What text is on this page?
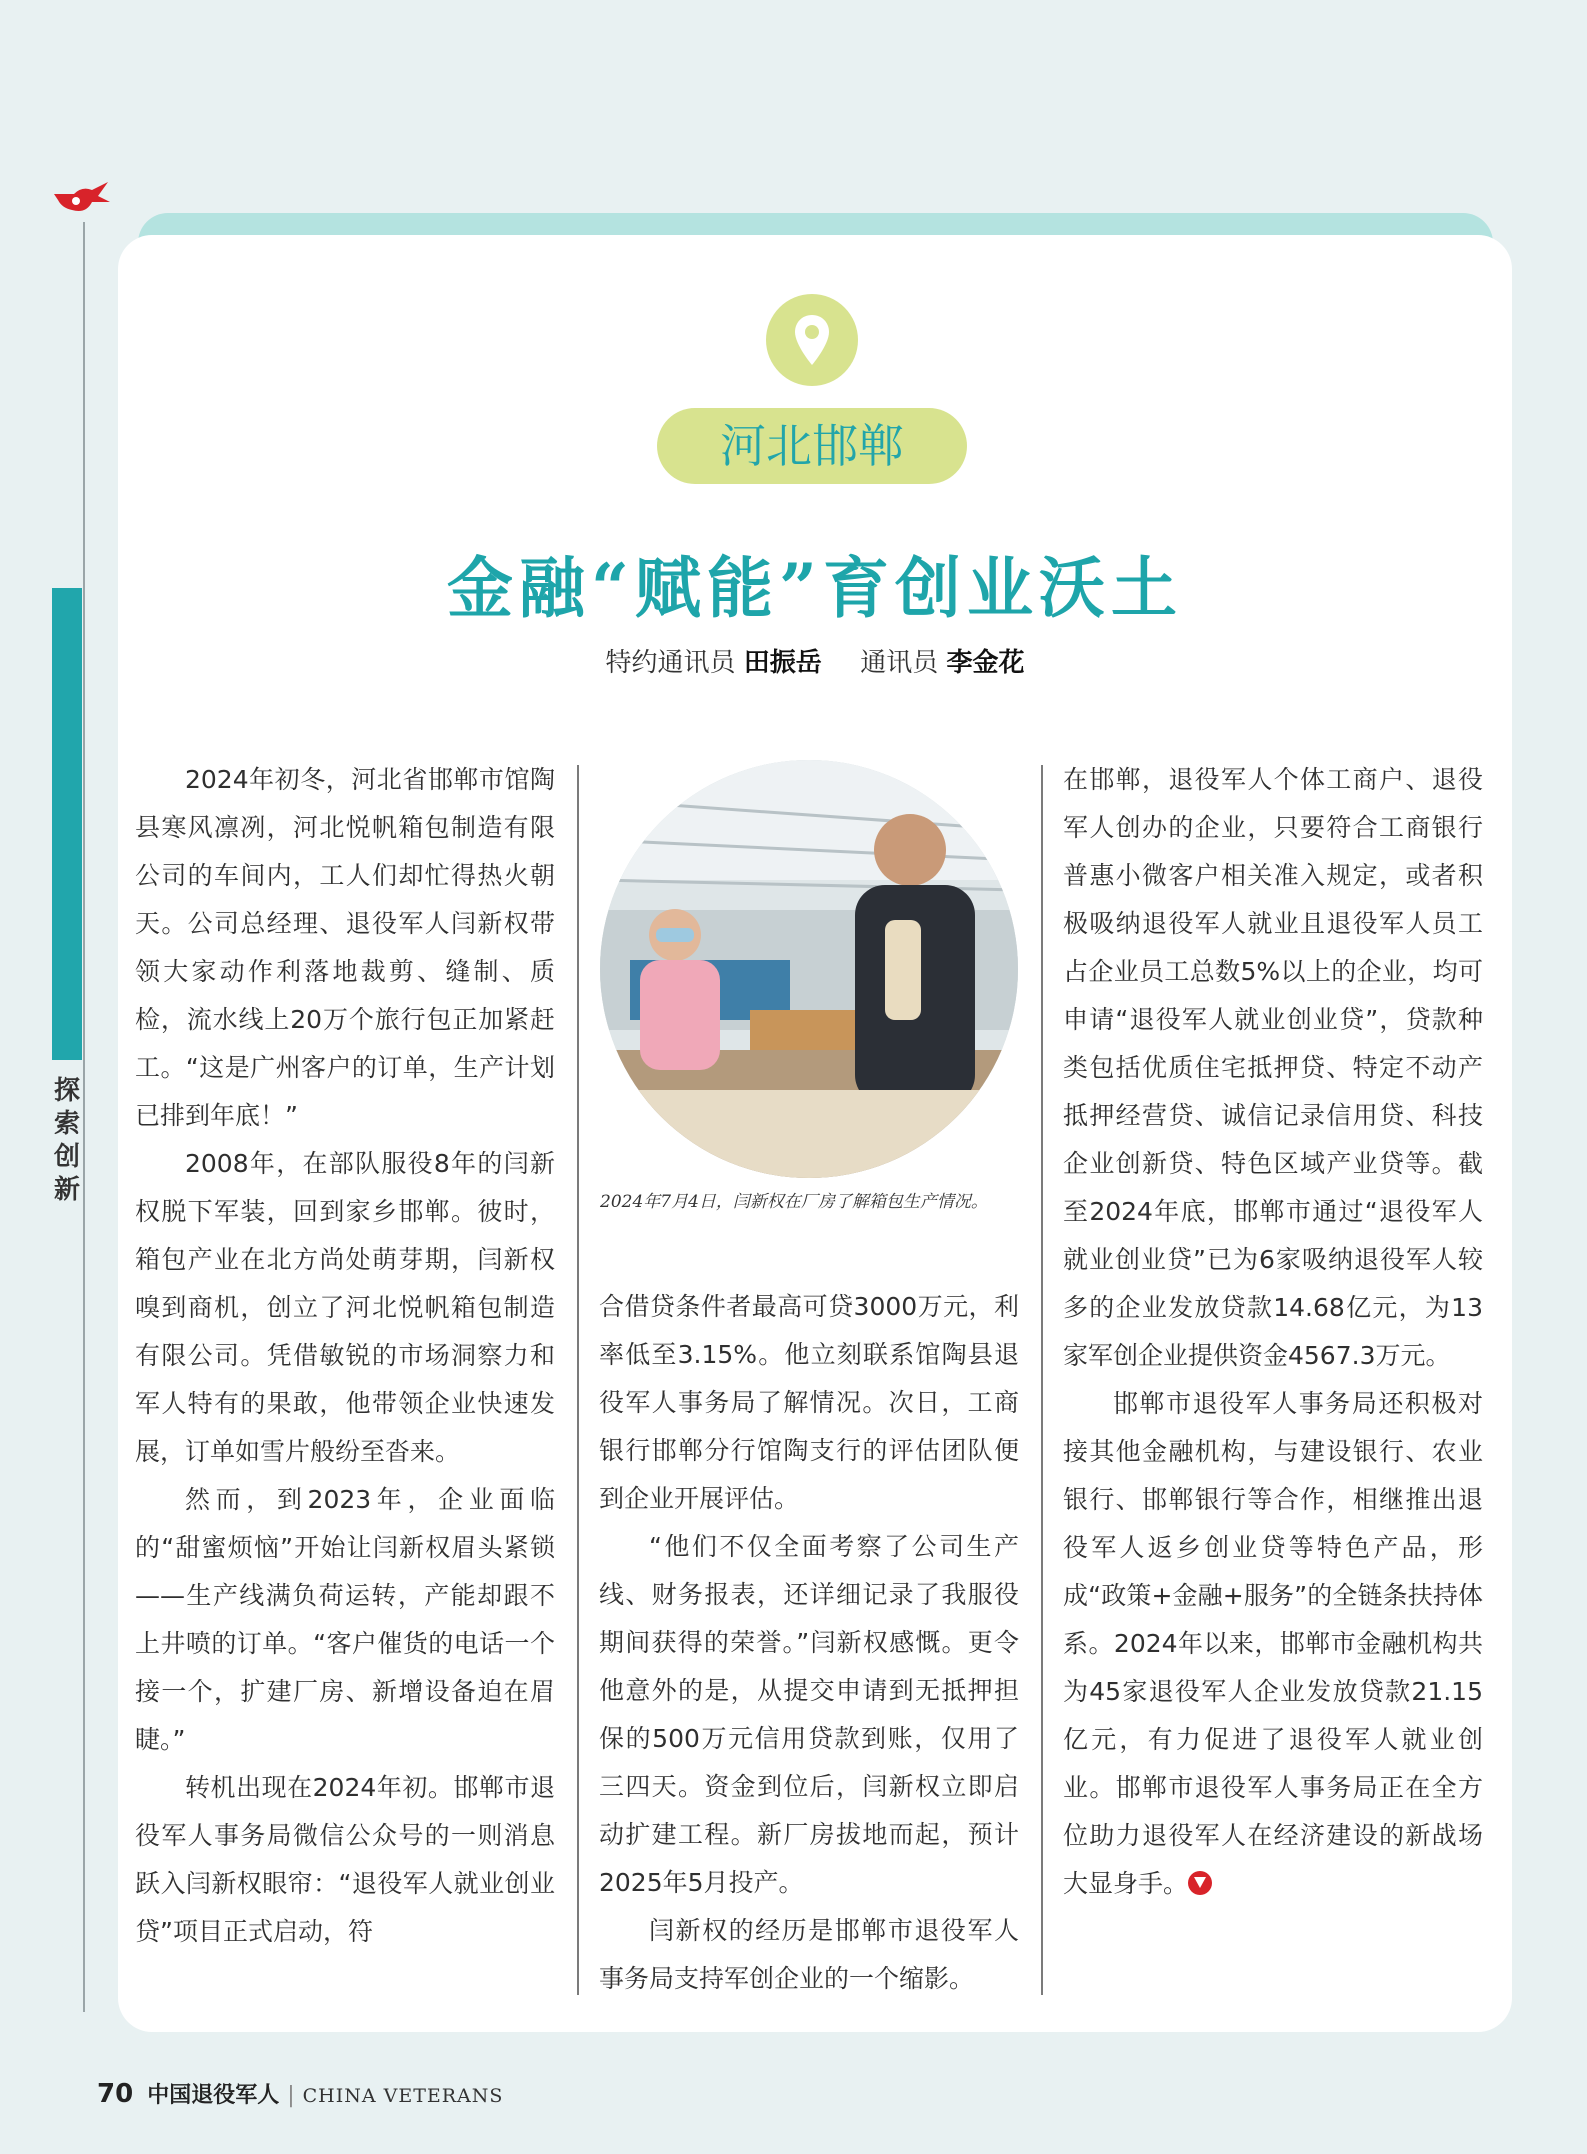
探索创新
河北邯郸
金融“赋能”育创业沃土
特约通讯员 田振岳 通讯员 李金花

2024年初冬，河北省邯郸市馆陶县寒风凛冽，河北悦帆箱包制造有限公司的车间内，工人们却忙得热火朝天。公司总经理、退役军人闫新权带领大家动作利落地裁剪、缝制、质检，流水线上20万个旅行包正加紧赶工。“这是广州客户的订单，生产计划已排到年底！”

2008年，在部队服役8年的闫新权脱下军装，回到家乡邯郸。彼时，箱包产业在北方尚处萌芽期，闫新权嗅到商机，创立了河北悦帆箱包制造有限公司。凭借敏锐的市场洞察力和军人特有的果敢，他带领企业快速发展，订单如雪片般纷至沓来。

然而，到2023年，企业面临的“甜蜜烦恼”开始让闫新权眉头紧锁——生产线满负荷运转，产能却跟不上井喷的订单。“客户催货的电话一个接一个，扩建厂房、新增设备迫在眉睫。”

转机出现在2024年初。邯郸市退役军人事务局微信公众号的一则消息跃入闫新权眼帘：“退役军人就业创业贷”项目正式启动，符

2024年7月4日，闫新权在厂房了解箱包生产情况。

合借贷条件者最高可贷3000万元，利率低至3.15%。他立刻联系馆陶县退役军人事务局了解情况。次日，工商银行邯郸分行馆陶支行的评估团队便到企业开展评估。

“他们不仅全面考察了公司生产线、财务报表，还详细记录了我服役期间获得的荣誉。”闫新权感慨。更令他意外的是，从提交申请到无抵押担保的500万元信用贷款到账，仅用了三四天。资金到位后，闫新权立即启动扩建工程。新厂房拔地而起，预计2025年5月投产。

闫新权的经历是邯郸市退役军人事务局支持军创企业的一个缩影。

在邯郸，退役军人个体工商户、退役军人创办的企业，只要符合工商银行普惠小微客户相关准入规定，或者积极吸纳退役军人就业且退役军人员工占企业员工总数5%以上的企业，均可申请“退役军人就业创业贷”，贷款种类包括优质住宅抵押贷、特定不动产抵押经营贷、诚信记录信用贷、科技企业创新贷、特色区域产业贷等。截至2024年底，邯郸市通过“退役军人就业创业贷”已为6家吸纳退役军人较多的企业发放贷款14.68亿元，为13家军创企业提供资金4567.3万元。

邯郸市退役军人事务局还积极对接其他金融机构，与建设银行、农业银行、邯郸银行等合作，相继推出退役军人返乡创业贷等特色产品，形成“政策+金融+服务”的全链条扶持体系。2024年以来，邯郸市金融机构共为45家退役军人企业发放贷款21.15亿元，有力促进了退役军人就业创业。邯郸市退役军人事务局正在全方位助力退役军人在经济建设的新战场大显身手。

70 中国退役军人 | CHINA VETERANS
